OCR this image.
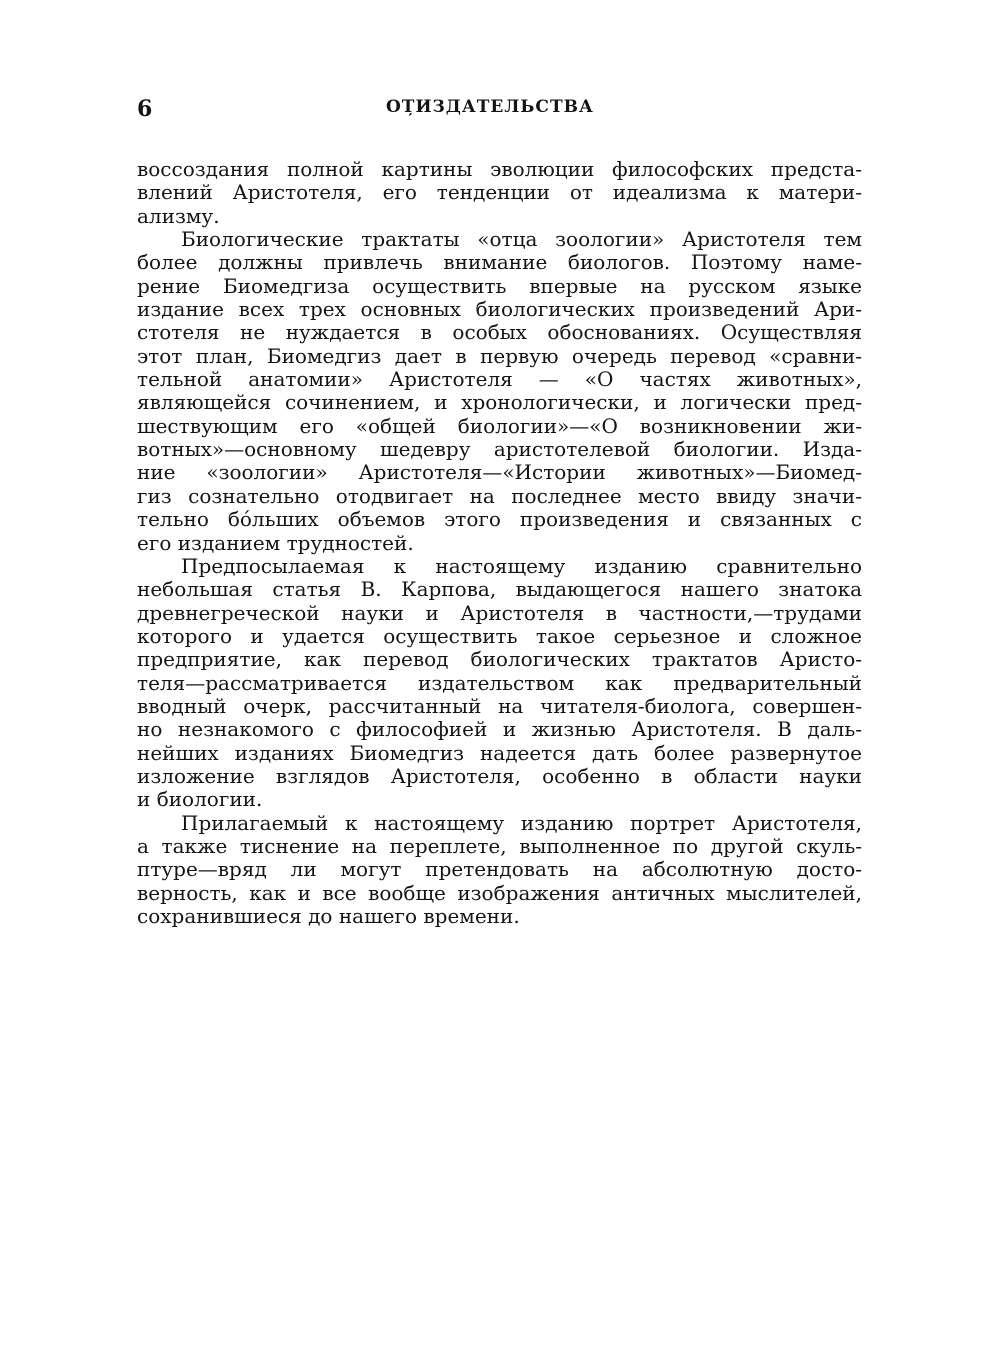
6	ОТ̦ИЗДАТЕЛЬСТВА
воссоздания полной картины эволюции философских предста-
влений Аристотеля, его тенденции от идеализма к матери-
ализму.
Биологические трактаты «отца зоологии» Аристотеля тем
более должны привлечь внимание биологов. Поэтому наме-
рение Биомедгиза осуществить впервые на русском языке
издание всех трех основных биологических произведений Ари-
стотеля не нуждается в особых обоснованиях. Осуществляя
этот план, Биомедгиз дает в первую очередь перевод «сравни-
тельной анатомии» Аристотеля — «О частях животных»,
являющейся сочинением, и хронологически, и логически пред-
шествующим его «общей биологии»—«О возникновении жи-
вотных»—основному шедевру аристотелевой биологии. Изда-
ние «зоологии» Аристотеля—«Истории животных»—Биомед-
гиз сознательно отодвигает на последнее место ввиду значи-
тельно бóльших объемов этого произведения и связанных с
его изданием трудностей.
Предпосылаемая к настоящему изданию сравнительно
небольшая статья В. Карпова, выдающегося нашего знатока
древнегреческой науки и Аристотеля в частности,—трудами
которого и удается осуществить такое серьезное и сложное
предприятие, как перевод биологических трактатов Аристо-
теля—рассматривается издательством как предварительный
вводный очерк, рассчитанный на читателя-биолога, совершен-
но незнакомого с философией и жизнью Аристотеля. В даль-
нейших изданиях Биомедгиз надеется дать более развернутое
изложение взглядов Аристотеля, особенно в области науки
и биологии.
Прилагаемый к настоящему изданию портрет Аристотеля,
а также тиснение на переплете, выполненное по другой скуль-
птуре—вряд ли могут претендовать на абсолютную досто-
верность, как и все вообще изображения античных мыслителей,
сохранившиеся до нашего времени.
